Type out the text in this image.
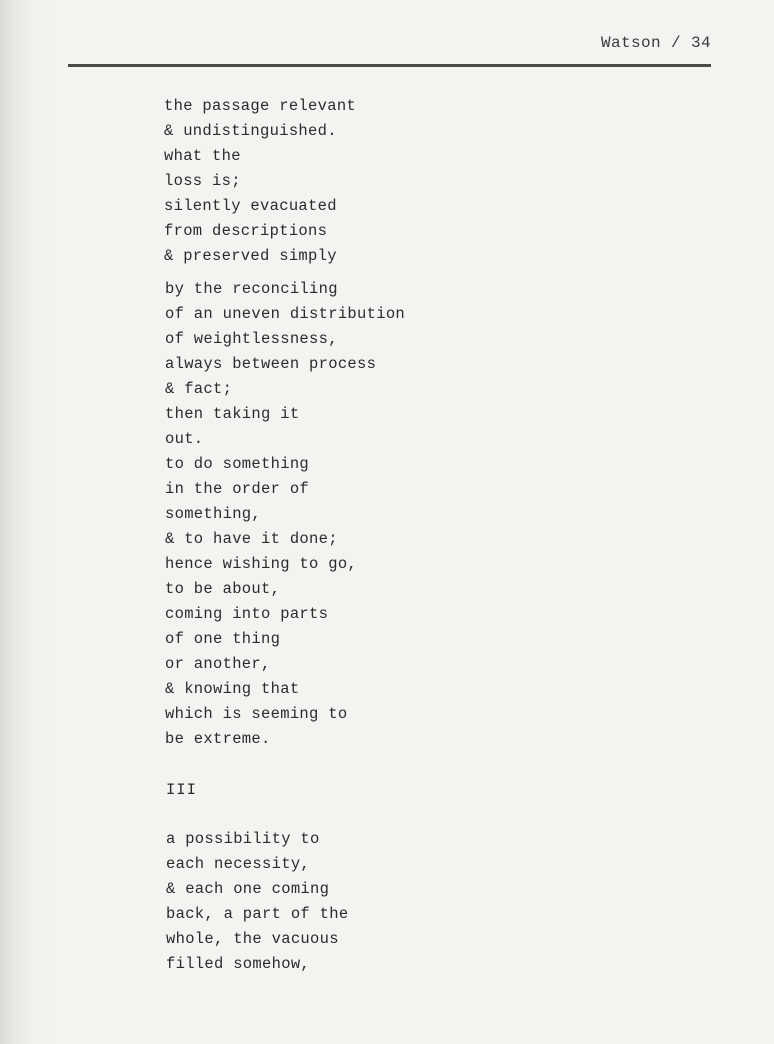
Watson / 34
the passage relevant
& undistinguished.
what the
loss is;
silently evacuated
from descriptions
& preserved simply
by the reconciling
of an uneven distribution
of weightlessness,
always between process
& fact;
then taking it
out.
to do something
in the order of
something,
& to have it done;
hence wishing to go,
to be about,
coming into parts
of one thing
or another,
& knowing that
which is seeming to
be extreme.
III
a possibility to
each necessity,
& each one coming
back, a part of the
whole, the vacuous
filled somehow,
